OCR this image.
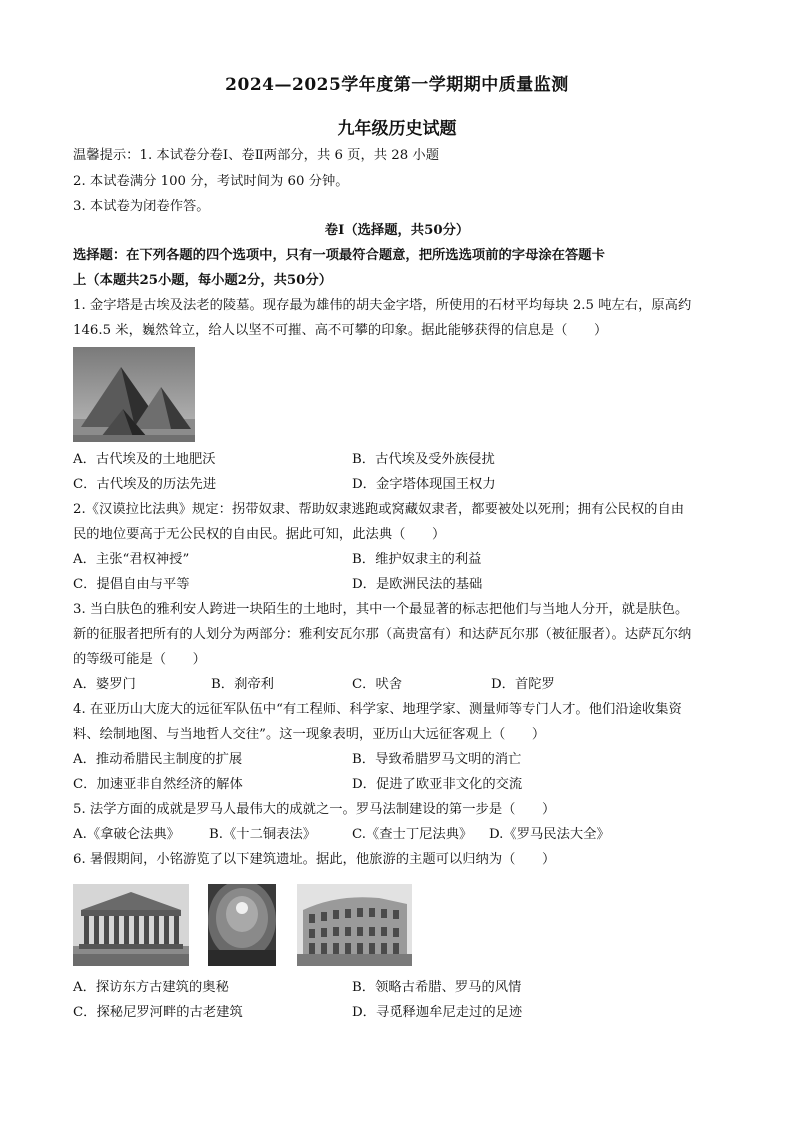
2024—2025学年度第一学期期中质量监测
九年级历史试题
温馨提示：1. 本试卷分卷Ⅰ、卷Ⅱ两部分，共 6 页，共 28 小题
2. 本试卷满分 100 分，考试时间为 60 分钟。
3. 本试卷为闭卷作答。
卷Ⅰ（选择题，共50分）
选择题：在下列各题的四个选项中，只有一项最符合题意，把所选选项前的字母涂在答题卡
上（本题共25小题，每小题2分，共50分）
1. 金字塔是古埃及法老的陵墓。现存最为雄伟的胡夫金字塔，所使用的石材平均每块 2.5 吨左右，原高约
146.5 米，巍然耸立，给人以坚不可摧、高不可攀的印象。据此能够获得的信息是（　　）
A．古代埃及的土地肥沃	B．古代埃及受外族侵扰
C．古代埃及的历法先进	D．金字塔体现国王权力
2.《汉谟拉比法典》规定：拐带奴隶、帮助奴隶逃跑或窝藏奴隶者，都要被处以死刑；拥有公民权的自由
民的地位要高于无公民权的自由民。据此可知，此法典（　　）
A．主张“君权神授”	B．维护奴隶主的利益
C．提倡自由与平等	D．是欧洲民法的基础
3. 当白肤色的雅利安人跨进一块陌生的土地时，其中一个最显著的标志把他们与当地人分开，就是肤色。
新的征服者把所有的人划分为两部分：雅利安瓦尔那（高贵富有）和达萨瓦尔那（被征服者）。达萨瓦尔纳
的等级可能是（　　）
A．婆罗门	B．刹帝利	C．吠舍	D．首陀罗
4. 在亚历山大庞大的远征军队伍中“有工程师、科学家、地理学家、测量师等专门人才。他们沿途收集资
料、绘制地图、与当地哲人交往”。这一现象表明，亚历山大远征客观上（　　）
A．推动希腊民主制度的扩展	B．导致希腊罗马文明的消亡
C．加速亚非自然经济的解体	D．促进了欧亚非文化的交流
5. 法学方面的成就是罗马人最伟大的成就之一。罗马法制建设的第一步是（　　）
A.《拿破仑法典》 B.《十二铜表法》	C.《查士丁尼法典》 D.《罗马民法大全》
6. 暑假期间，小铭游览了以下建筑遗址。据此，他旅游的主题可以归纳为（　　）
A．探访东方古建筑的奥秘	B．领略古希腊、罗马的风情
C．探秘尼罗河畔的古老建筑	D．寻觅释迦牟尼走过的足迹
